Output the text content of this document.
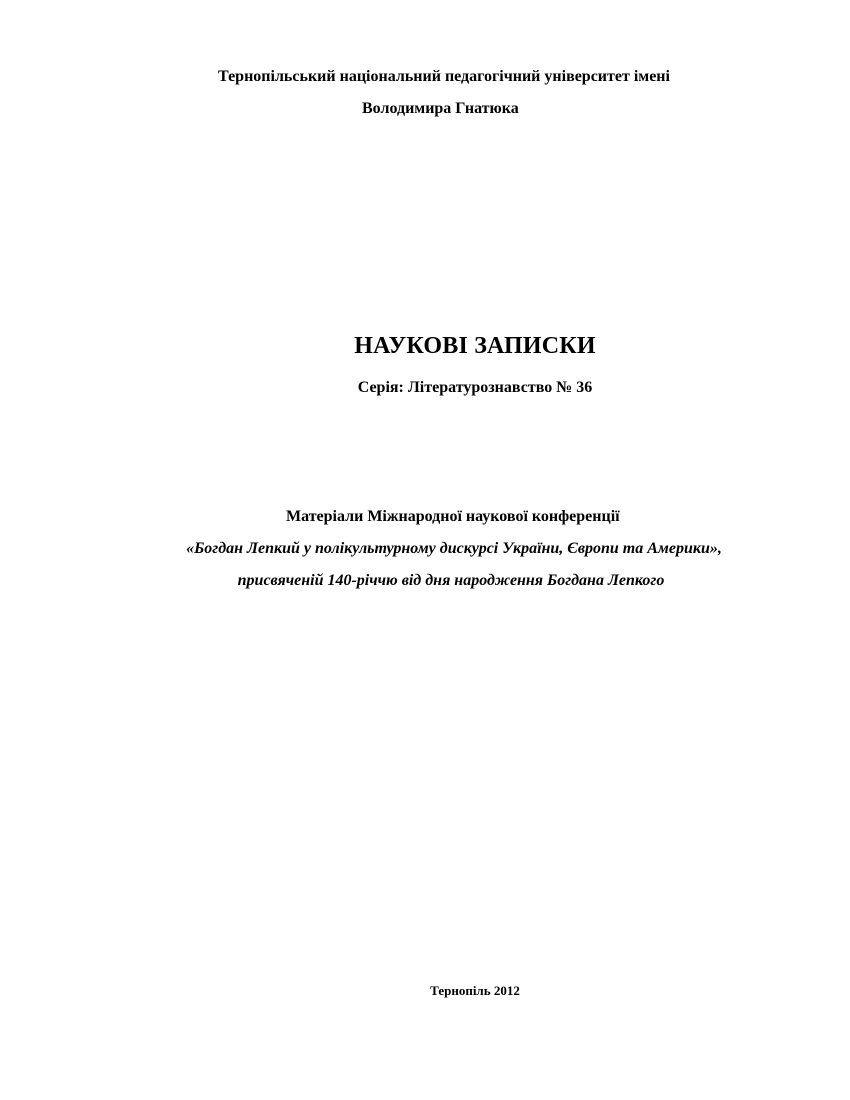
Тернопільський національний педагогічний університет імені
Володимира Гнатюка
НАУКОВІ ЗАПИСКИ
Серія: Літературознавство № 36
Матеріали Міжнародної наукової конференції
«Богдан Лепкий у полікультурному дискурсі України, Європи та Америки»,
присвяченій 140-річчю від дня народження Богдана Лепкого
Тернопіль 2012
